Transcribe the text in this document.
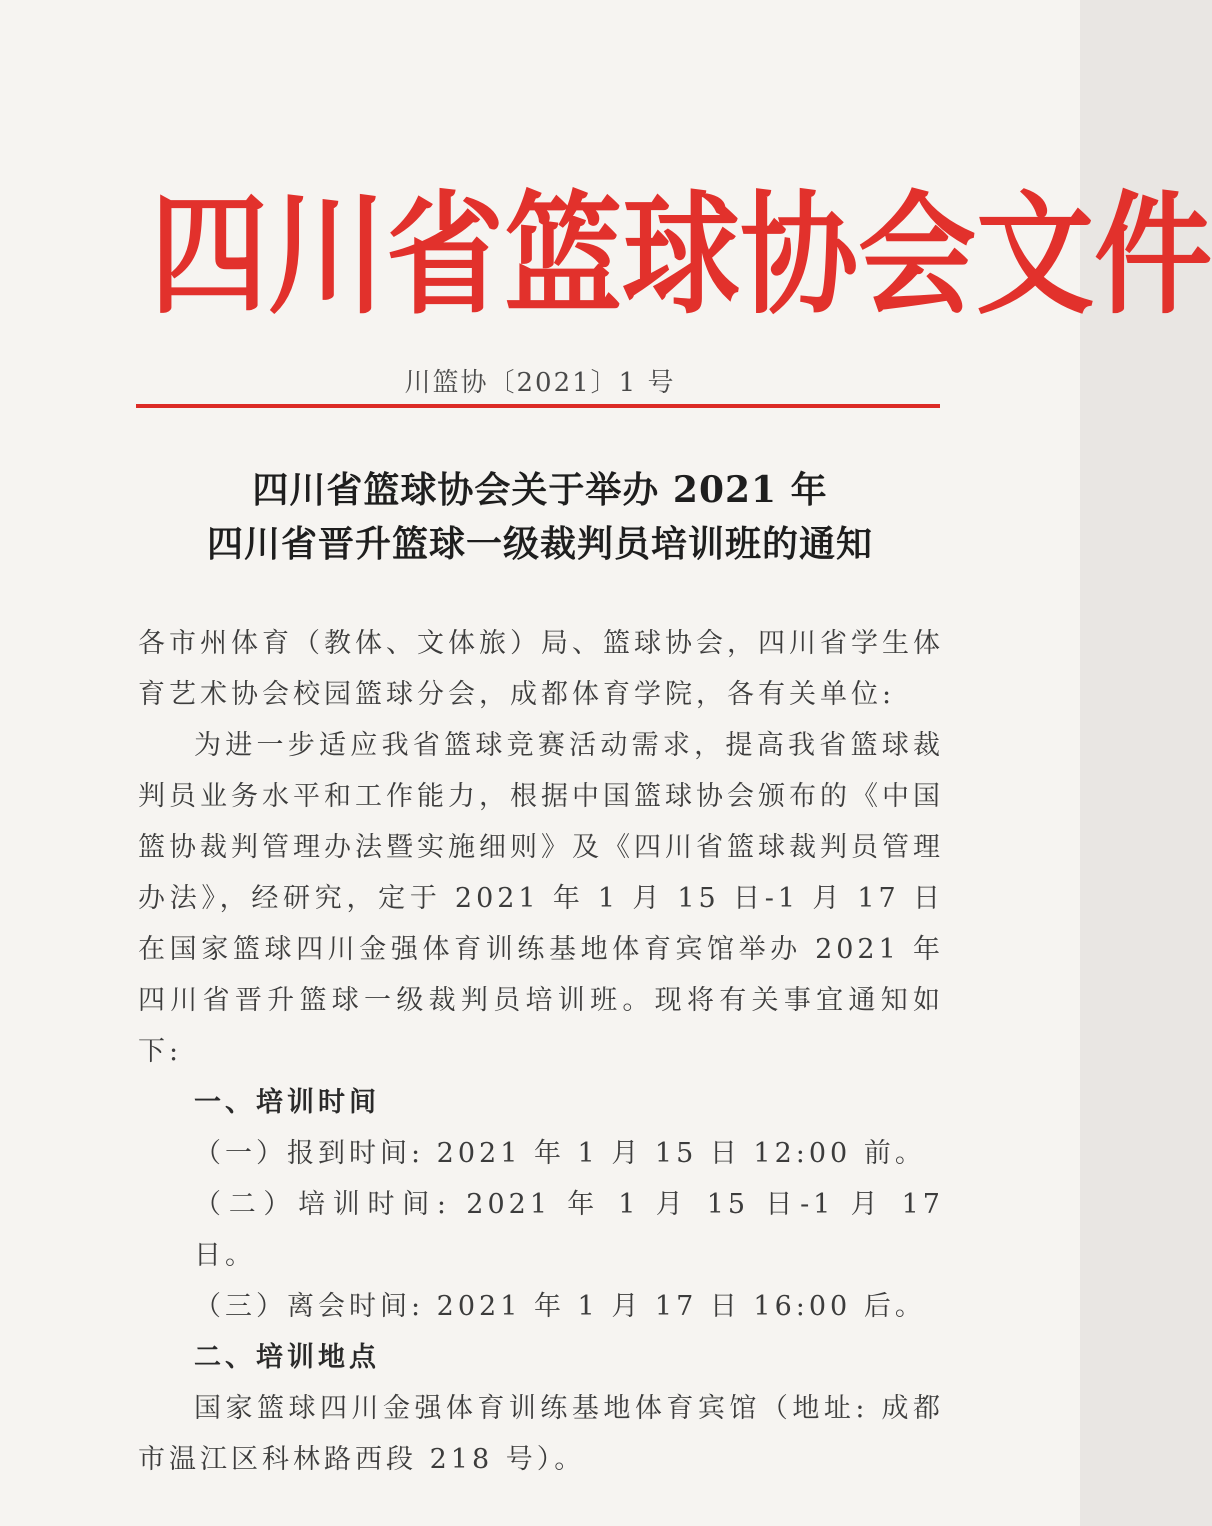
四 川 省 篮 球 协 会 文 件
川篮协〔2021〕1 号
四川省篮球协会关于举办 2021 年
四川省晋升篮球一级裁判员培训班的通知

各市州体育（教体、文体旅）局、篮球协会，四川省学生体育艺术协会校园篮球分会，成都体育学院，各有关单位:

为进一步适应我省篮球竞赛活动需求，提高我省篮球裁判员业务水平和工作能力，根据中国篮球协会颁布的《中国篮协裁判管理办法暨实施细则》及《四川省篮球裁判员管理办法》，经研究，定于 2021 年 1 月 15 日-1 月 17 日在国家篮球四川金强体育训练基地体育宾馆举办 2021 年四川省晋升篮球一级裁判员培训班。现将有关事宜通知如下:

一、培训时间

（一）报到时间: 2021 年 1 月 15 日 12:00 前。

（二）培训时间: 2021 年 1 月 15 日-1 月 17 日。

（三）离会时间: 2021 年 1 月 17 日 16:00 后。

二、培训地点

国家篮球四川金强体育训练基地体育宾馆（地址: 成都市温江区科林路西段 218 号）。
